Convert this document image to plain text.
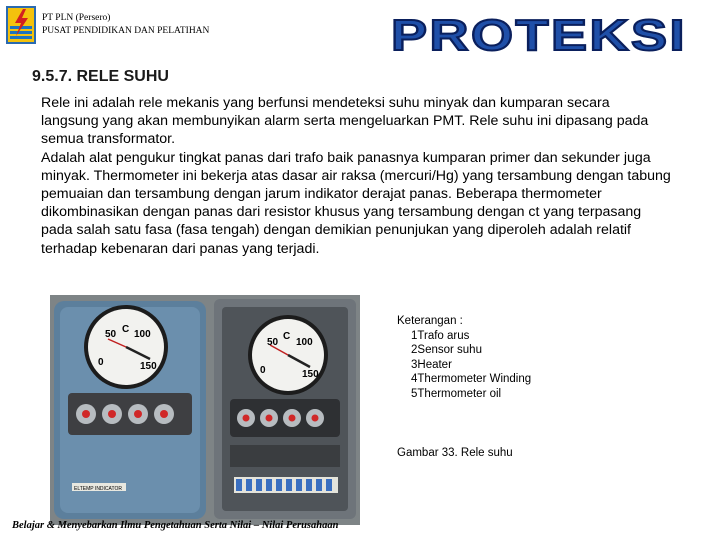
PT PLN (Persero)
PUSAT PENDIDIKAN DAN PELATIHAN	PROTEKSI
9.5.7. RELE SUHU

Rele ini adalah rele mekanis yang berfunsi mendeteksi suhu minyak dan kumparan secara langsung yang akan membunyikan alarm serta mengeluarkan PMT. Rele suhu ini dipasang pada semua transformator.

Adalah alat pengukur tingkat panas dari trafo baik panasnya kumparan primer dan sekunder juga minyak. Thermometer ini bekerja atas dasar air raksa (mercuri/Hg) yang tersambung dengan tabung pemuaian dan tersambung dengan jarum indikator derajat panas. Beberapa thermometer dikombinasikan dengan panas dari resistor khusus yang tersambung dengan ct yang terpasang pada salah satu fasa (fasa tengah) dengan demikian penunjukan yang diperoleh adalah relatif terhadap kebenaran dari panas yang terjadi.

50 C 100
0	150
ELTEMP INDICATOR
50
C
100
0	150
Keterangan :
1Trafo arus
2Sensor suhu
3Heater
4Thermometer Winding
5Thermometer oil
Gambar 33. Rele suhu
Belajar & Menyebarkan Ilmu Pengetahuan Serta Nilai – Nilai Perusahaan
